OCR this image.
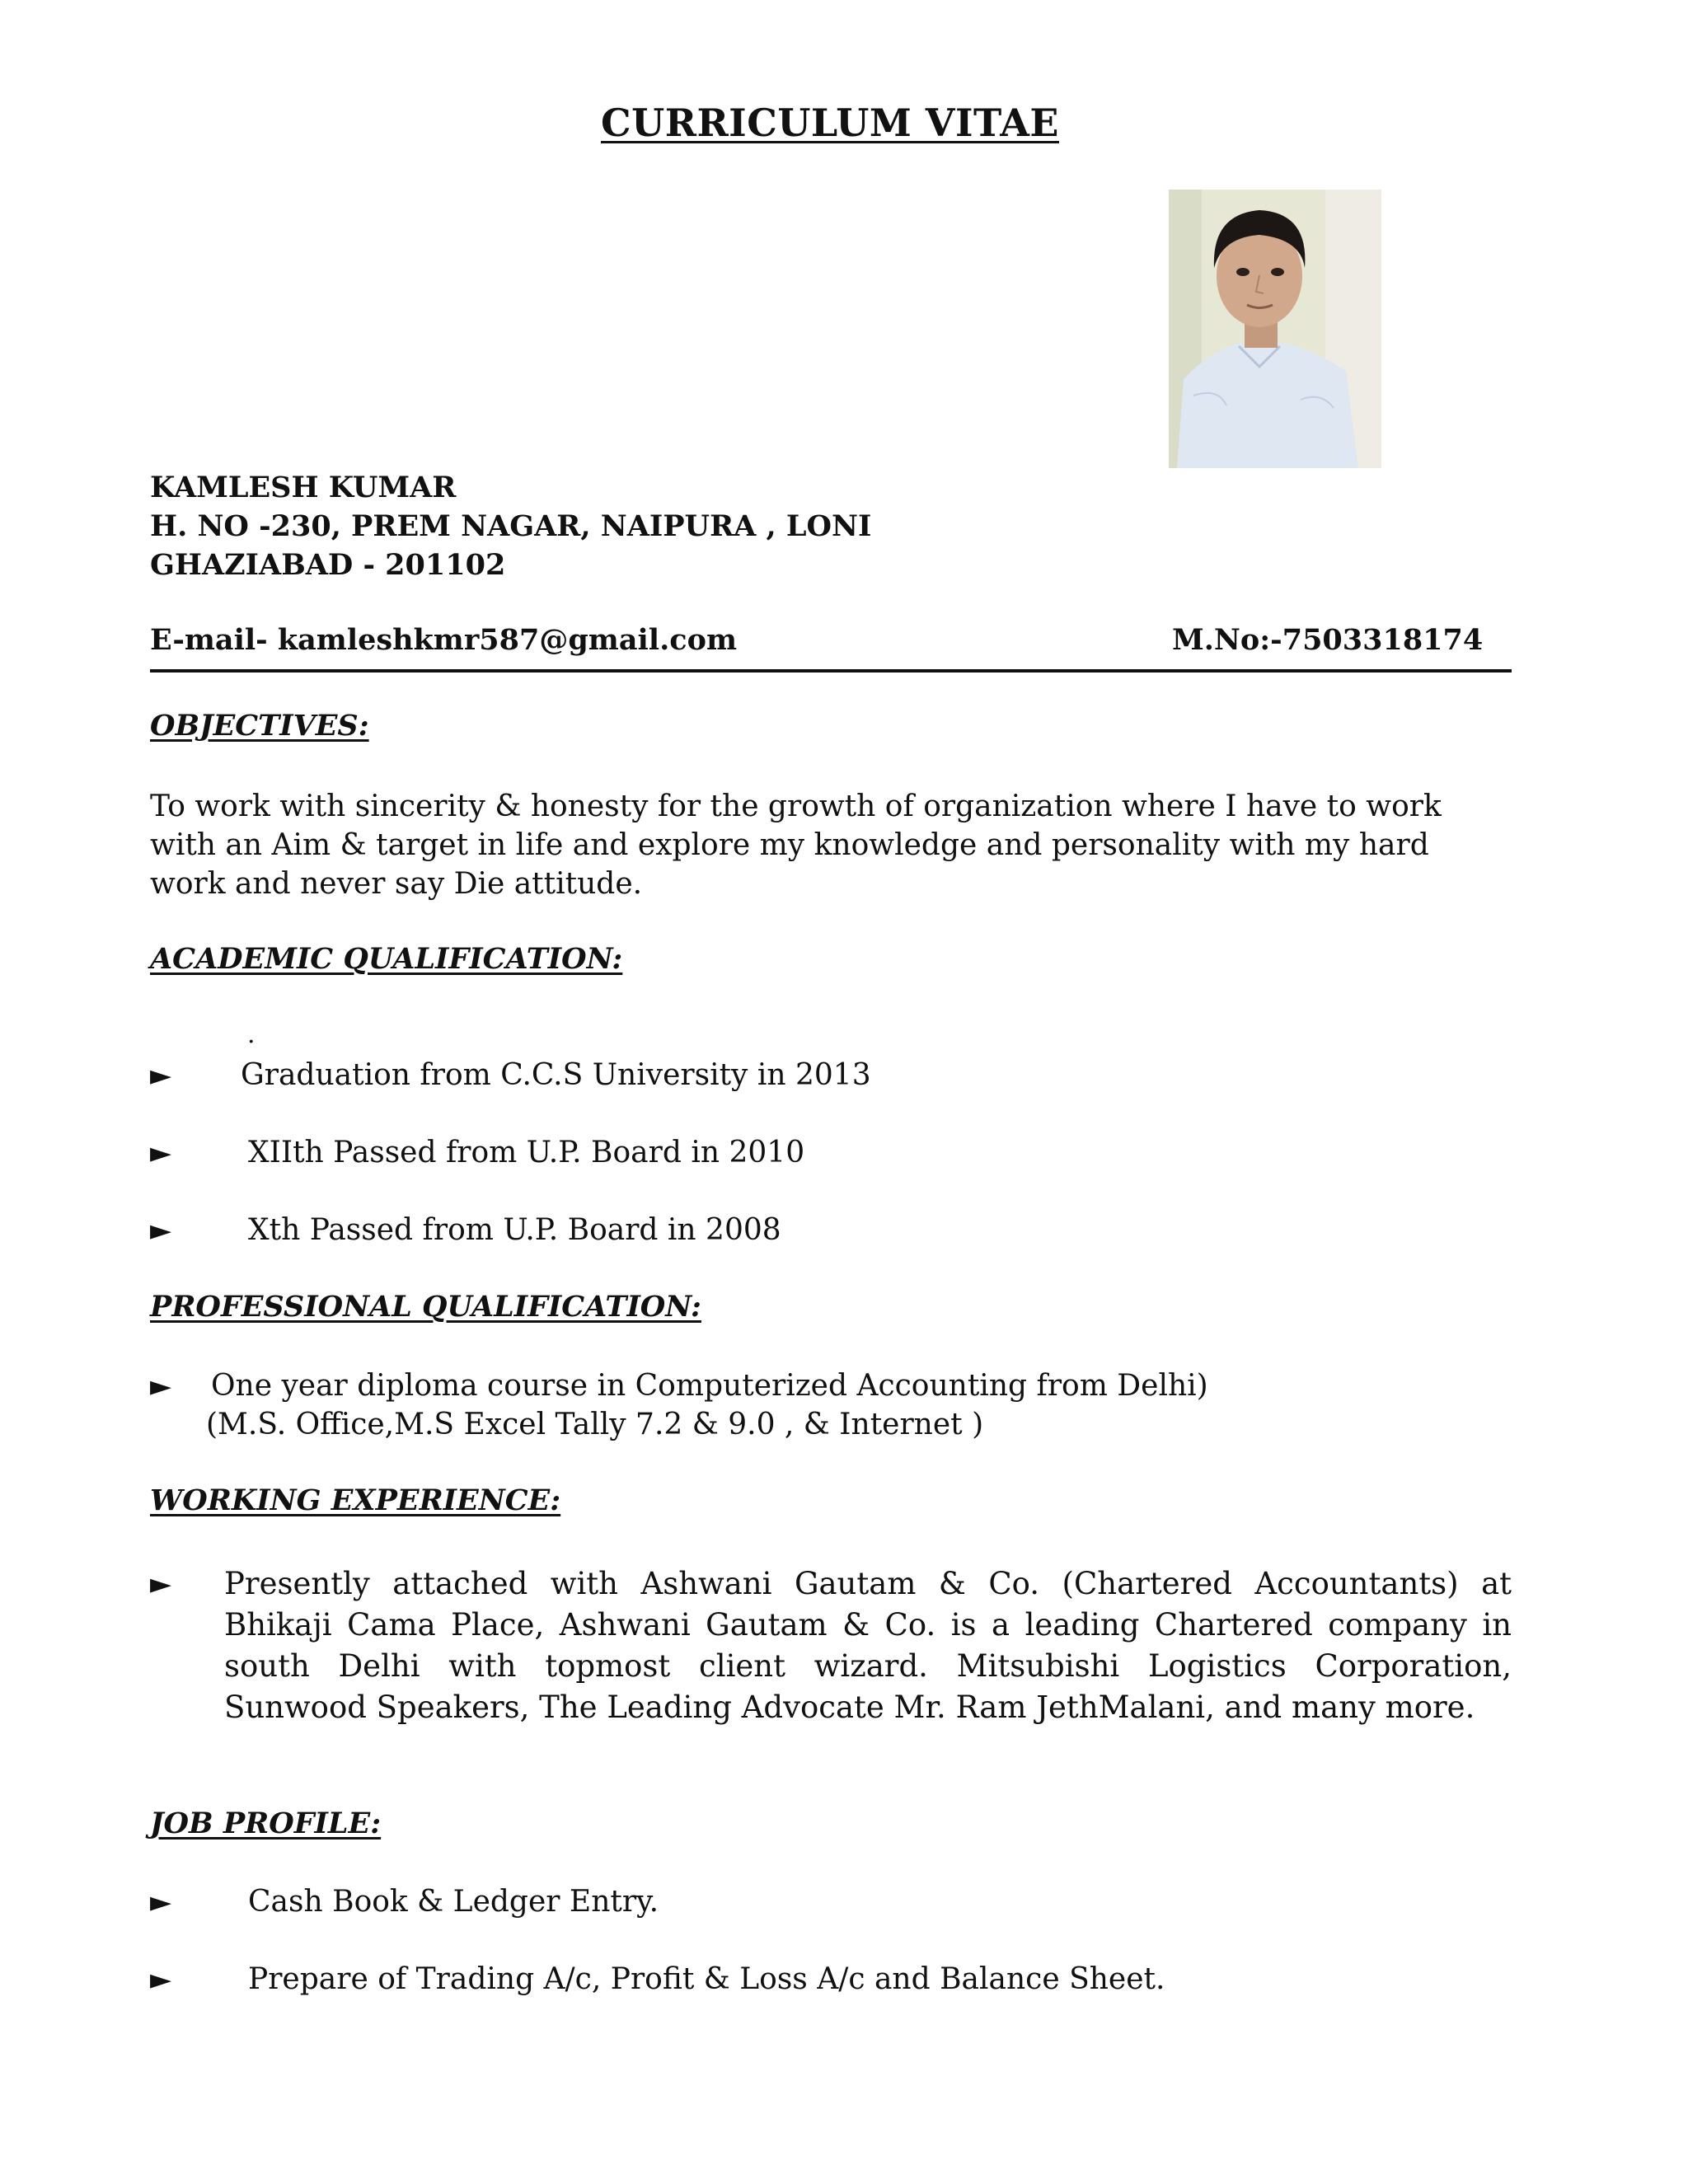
CURRICULUM VITAE
KAMLESH KUMAR
H. NO -230, PREM NAGAR, NAIPURA , LONI
GHAZIABAD - 201102
E-mail- kamleshkmr587@gmail.com	M.No:-7503318174
OBJECTIVES:
To work with sincerity & honesty for the growth of organization where I have to work with an Aim & target in life and explore my knowledge and personality with my hard work and never say Die attitude.
ACADEMIC QUALIFICATION:
.
► Graduation from C.C.S University in 2013
►	XIIth Passed from U.P. Board in 2010
►	Xth Passed from U.P. Board in 2008
PROFESSIONAL QUALIFICATION:
► One year diploma course in Computerized Accounting from Delhi)
(M.S. Office,M.S Excel Tally 7.2 & 9.0 , & Internet )
WORKING EXPERIENCE:
► Presently attached with Ashwani Gautam & Co. (Chartered Accountants) at Bhikaji Cama Place, Ashwani Gautam & Co. is a leading Chartered company in south Delhi with topmost client wizard. Mitsubishi Logistics Corporation, Sunwood Speakers, The Leading Advocate Mr. Ram JethMalani, and many more.
JOB PROFILE:
►	Cash Book & Ledger Entry.
►	Prepare of Trading A/c, Profit & Loss A/c and Balance Sheet.
